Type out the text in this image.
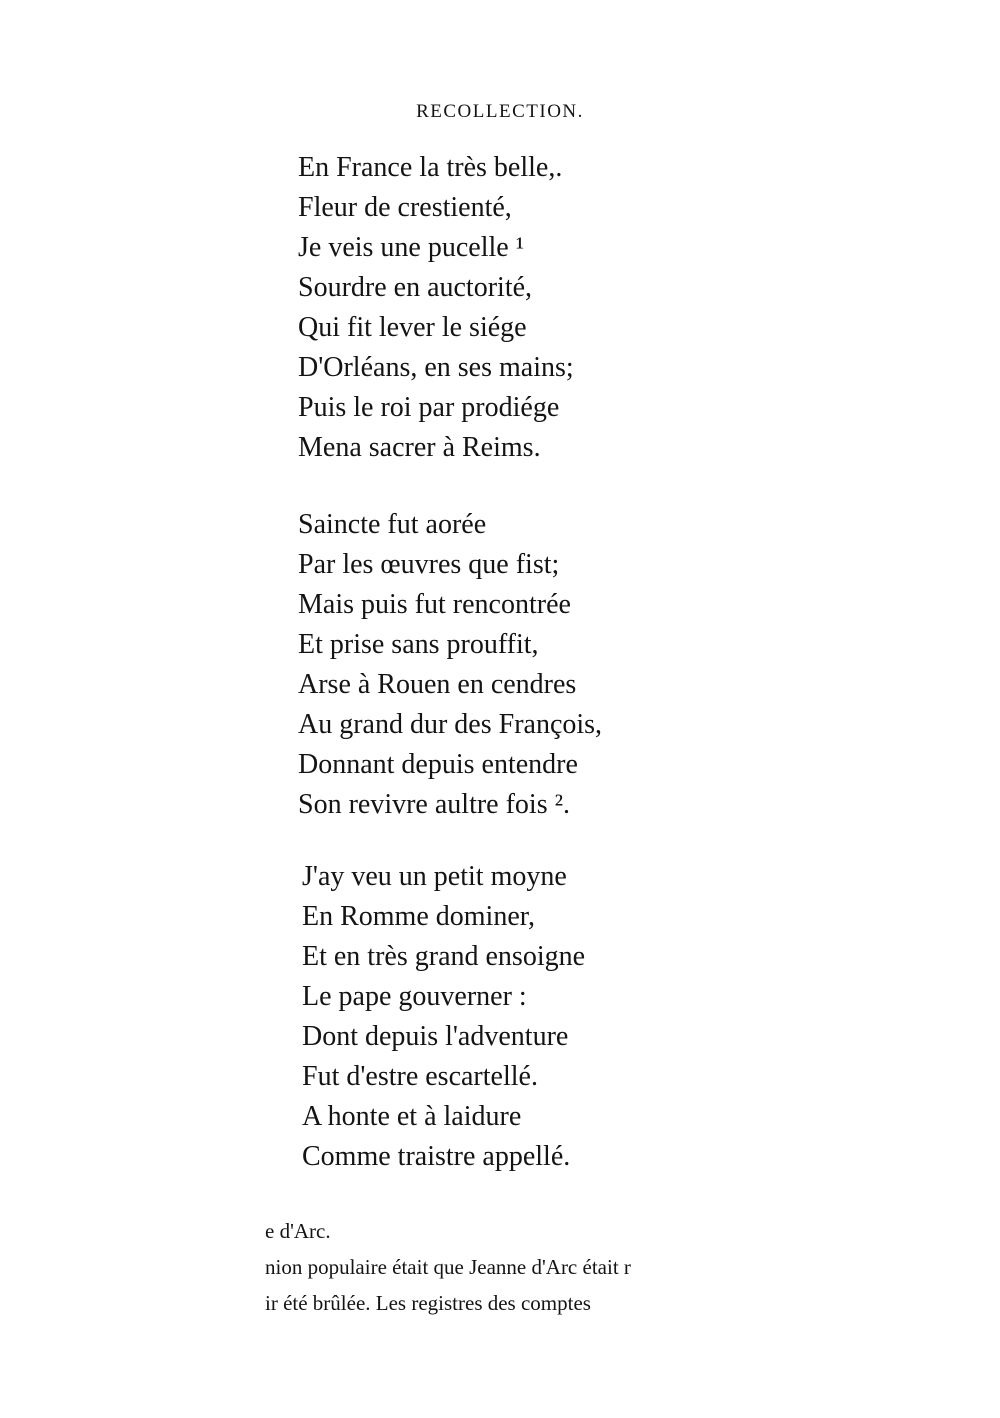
RECOLLECTION.
En France la très belle,.
Fleur de crestienté,
Je veis une pucelle ¹
Sourdre en auctorité,
Qui fit lever le siége
D'Orléans, en ses mains;
Puis le roi par prodiége
Mena sacrer à Reims.
Saincte fut aorée
Par les œuvres que fist;
Mais puis fut rencontrée
Et prise sans prouffit,
Arse à Rouen en cendres
Au grand dur des François,
Donnant depuis entendre
Son revivre aultre fois ².
J'ay veu un petit moyne
En Romme dominer,
Et en très grand ensoigne
Le pape gouverner :
Dont depuis l'adventure
Fut d'estre escartellé.
A honte et à laidure
Comme traistre appellé.
e d'Arc.
nion populaire était que Jeanne d'Arc était r
ir été brûlée. Les registres des comptes
